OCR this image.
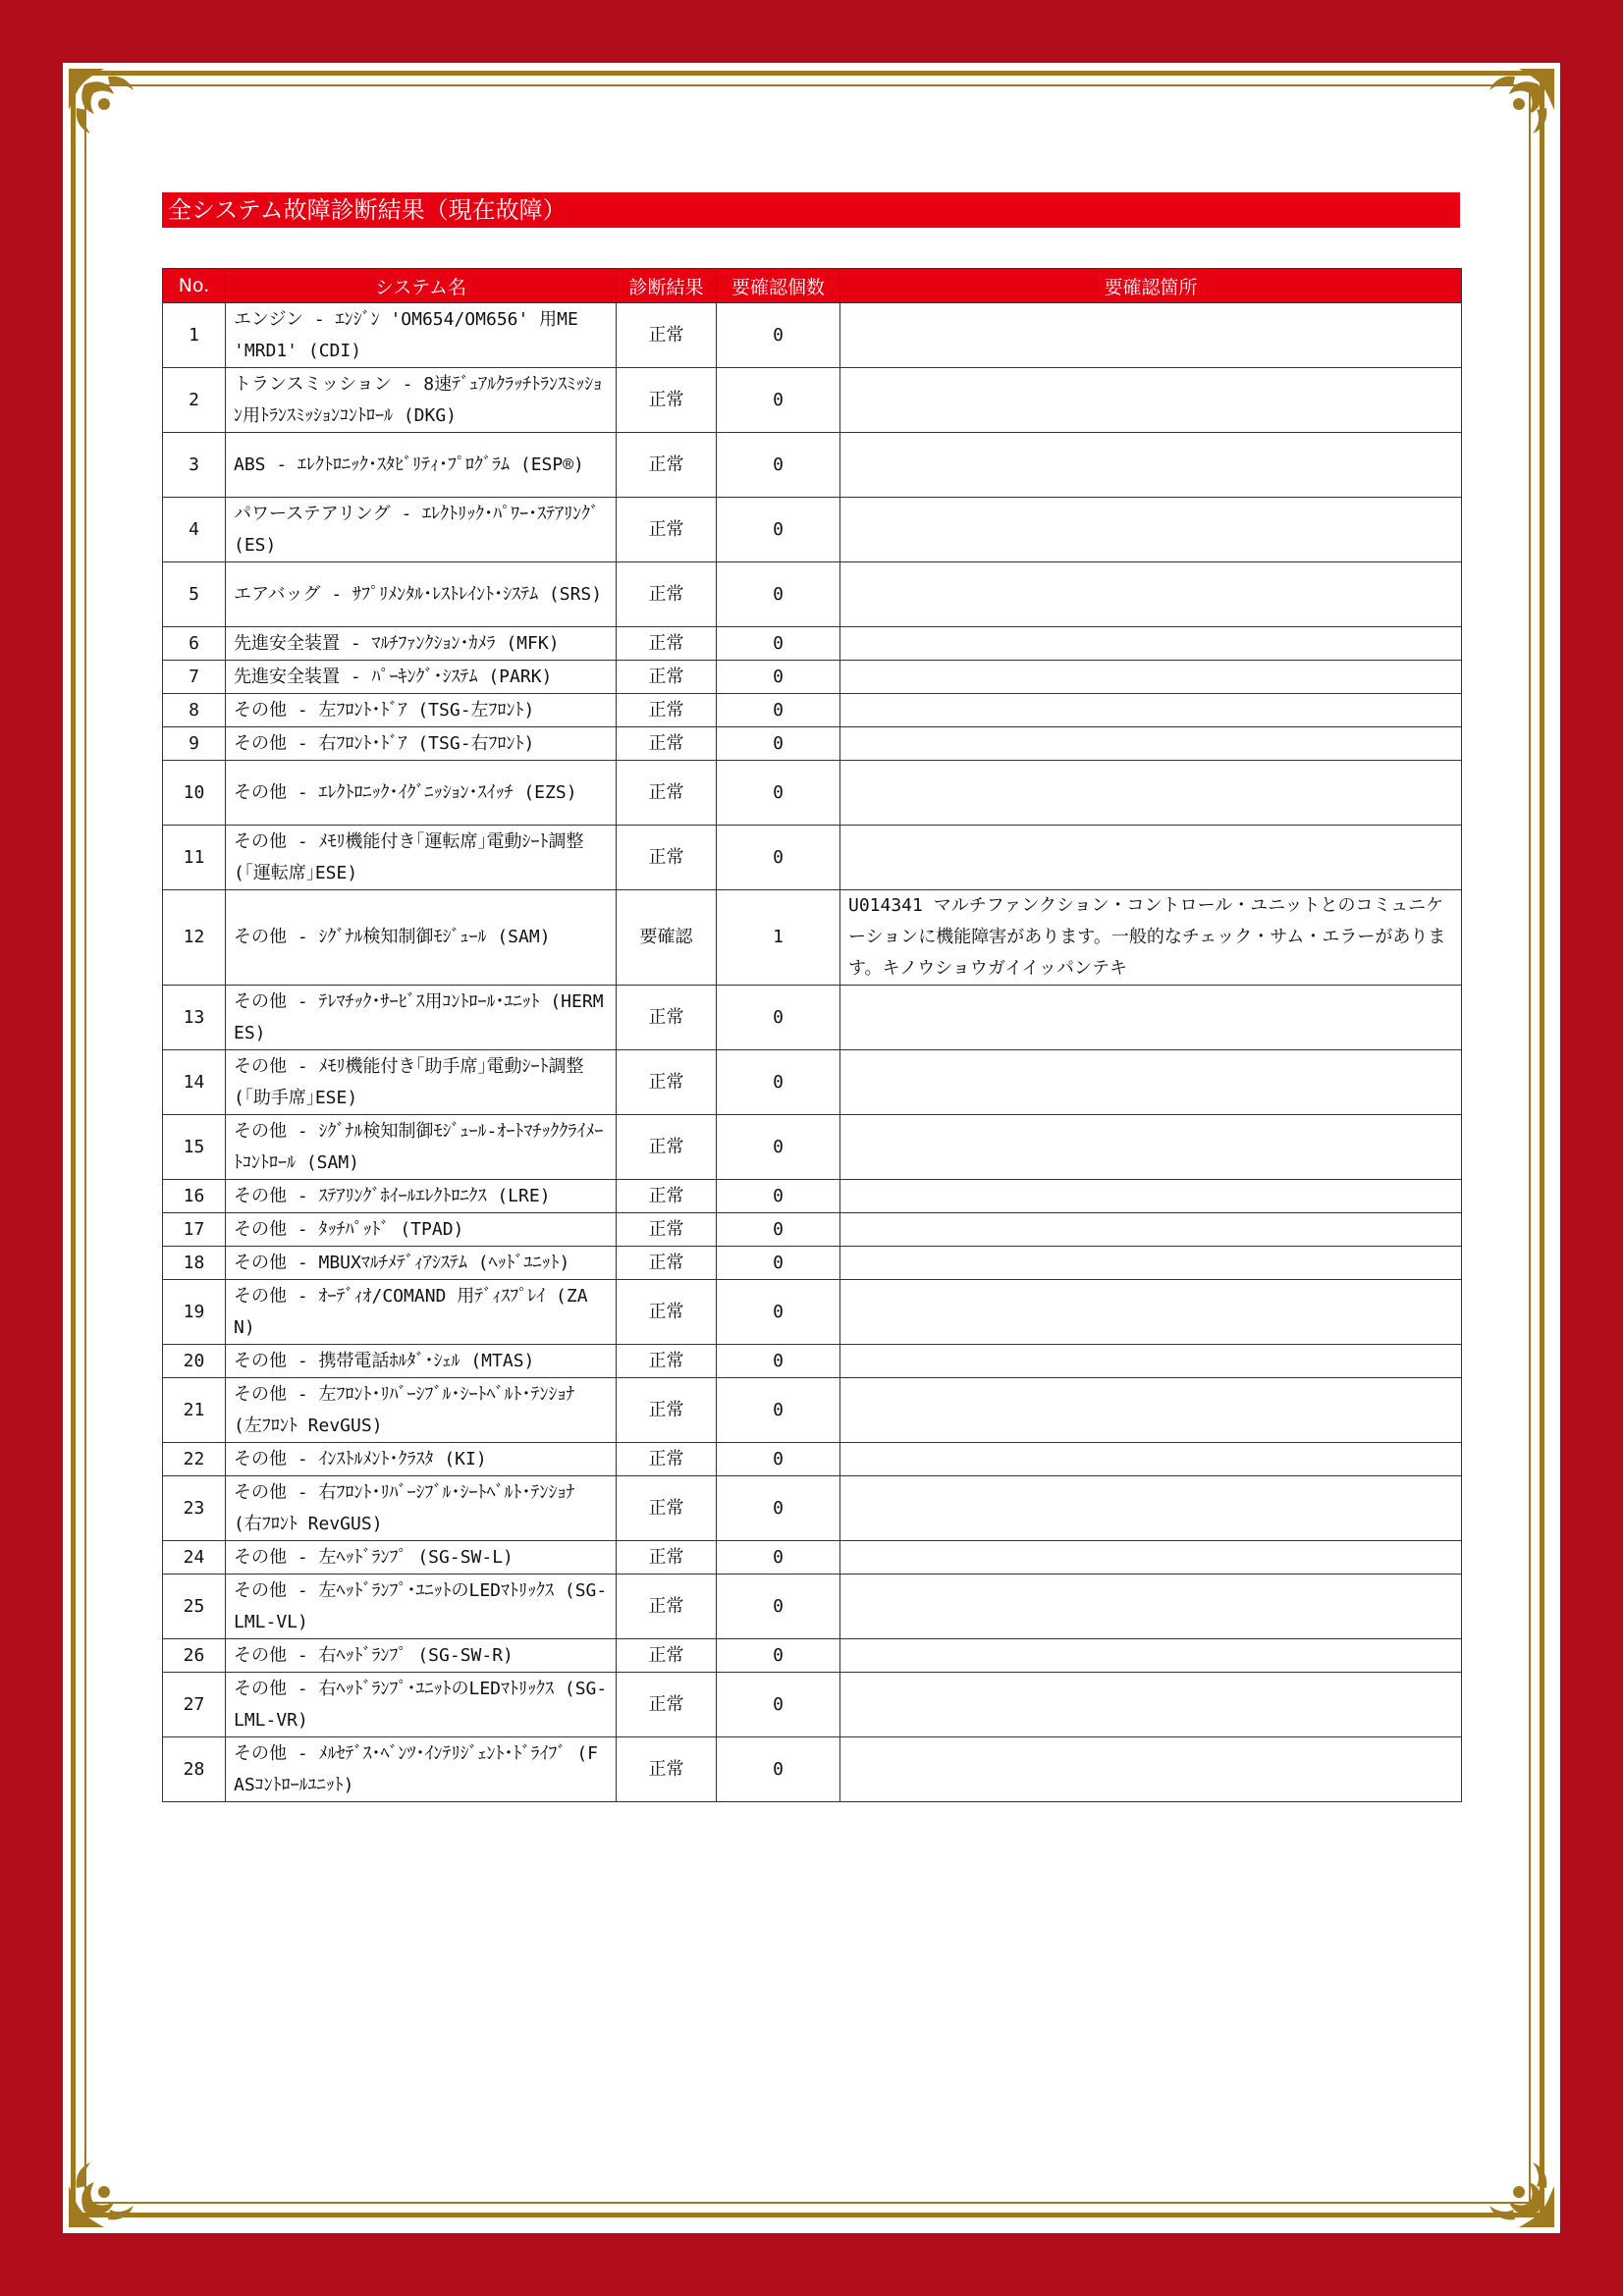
全システム故障診断結果（現在故障）
No.	システム名	診断結果	要確認個数	要確認箇所
1	エンジン - ｴﾝｼﾞﾝ 'OM654/OM656' 用ME 'MRD1' (CDI)	正常	0	
2	トランスミッション - 8速ﾃﾞｭｱﾙｸﾗｯﾁﾄﾗﾝｽﾐｯｼｮﾝ用ﾄﾗﾝｽﾐｯｼｮﾝｺﾝﾄﾛｰﾙ (DKG)	正常	0	
3	ABS - ｴﾚｸﾄﾛﾆｯｸ･ｽﾀﾋﾞﾘﾃｨ･ﾌﾟﾛｸﾞﾗﾑ (ESP®)	正常	0	
4	パワーステアリング - ｴﾚｸﾄﾘｯｸ･ﾊﾟﾜｰ･ｽﾃｱﾘﾝｸﾞ (ES)	正常	0	
5	エアバッグ - ｻﾌﾟﾘﾒﾝﾀﾙ･ﾚｽﾄﾚｲﾝﾄ･ｼｽﾃﾑ (SRS)	正常	0	
6	先進安全装置 - ﾏﾙﾁﾌｧﾝｸｼｮﾝ･ｶﾒﾗ (MFK)	正常	0	
7	先進安全装置 - ﾊﾟｰｷﾝｸﾞ･ｼｽﾃﾑ (PARK)	正常	0	
8	その他 - 左ﾌﾛﾝﾄ･ﾄﾞｱ (TSG-左ﾌﾛﾝﾄ)	正常	0	
9	その他 - 右ﾌﾛﾝﾄ･ﾄﾞｱ (TSG-右ﾌﾛﾝﾄ)	正常	0	
10	その他 - ｴﾚｸﾄﾛﾆｯｸ･ｲｸﾞﾆｯｼｮﾝ･ｽｲｯﾁ (EZS)	正常	0	
11	その他 - ﾒﾓﾘ機能付き｢運転席｣電動ｼｰﾄ調整 (｢運転席｣ESE)	正常	0	
12	その他 - ｼｸﾞﾅﾙ検知制御ﾓｼﾞｭｰﾙ (SAM)	要確認	1	U014341 マルチファンクション・コントロール・ユニットとのコミュニケーションに機能障害があります。一般的なチェック・サム・エラーがあります。キノウショウガイイッパンテキ
13	その他 - ﾃﾚﾏﾁｯｸ･ｻｰﾋﾞｽ用ｺﾝﾄﾛｰﾙ･ﾕﾆｯﾄ (HERMES)	正常	0	
14	その他 - ﾒﾓﾘ機能付き｢助手席｣電動ｼｰﾄ調整 (｢助手席｣ESE)	正常	0	
15	その他 - ｼｸﾞﾅﾙ検知制御ﾓｼﾞｭｰﾙ-ｵｰﾄﾏﾁｯｸｸﾗｲﾒｰﾄｺﾝﾄﾛｰﾙ (SAM)	正常	0	
16	その他 - ｽﾃｱﾘﾝｸﾞﾎｲｰﾙｴﾚｸﾄﾛﾆｸｽ (LRE)	正常	0	
17	その他 - ﾀｯﾁﾊﾟｯﾄﾞ (TPAD)	正常	0	
18	その他 - MBUXﾏﾙﾁﾒﾃﾞｨｱｼｽﾃﾑ (ﾍｯﾄﾞﾕﾆｯﾄ)	正常	0	
19	その他 - ｵｰﾃﾞｨｵ/COMAND 用ﾃﾞｨｽﾌﾟﾚｲ (ZAN)	正常	0	
20	その他 - 携帯電話ﾎﾙﾀﾞ･ｼｪﾙ (MTAS)	正常	0	
21	その他 - 左ﾌﾛﾝﾄ･ﾘﾊﾞｰｼﾌﾞﾙ･ｼｰﾄﾍﾞﾙﾄ･ﾃﾝｼｮﾅ (左ﾌﾛﾝﾄ RevGUS)	正常	0	
22	その他 - ｲﾝｽﾄﾙﾒﾝﾄ･ｸﾗｽﾀ (KI)	正常	0	
23	その他 - 右ﾌﾛﾝﾄ･ﾘﾊﾞｰｼﾌﾞﾙ･ｼｰﾄﾍﾞﾙﾄ･ﾃﾝｼｮﾅ (右ﾌﾛﾝﾄ RevGUS)	正常	0	
24	その他 - 左ﾍｯﾄﾞﾗﾝﾌﾟ (SG-SW-L)	正常	0	
25	その他 - 左ﾍｯﾄﾞﾗﾝﾌﾟ･ﾕﾆｯﾄのLEDﾏﾄﾘｯｸｽ (SG-LML-VL)	正常	0	
26	その他 - 右ﾍｯﾄﾞﾗﾝﾌﾟ (SG-SW-R)	正常	0	
27	その他 - 右ﾍｯﾄﾞﾗﾝﾌﾟ･ﾕﾆｯﾄのLEDﾏﾄﾘｯｸｽ (SG-LML-VR)	正常	0	
28	その他 - ﾒﾙｾﾃﾞｽ･ﾍﾞﾝﾂ･ｲﾝﾃﾘｼﾞｪﾝﾄ･ﾄﾞﾗｲﾌﾞ (FASｺﾝﾄﾛｰﾙﾕﾆｯﾄ)	正常	0	
